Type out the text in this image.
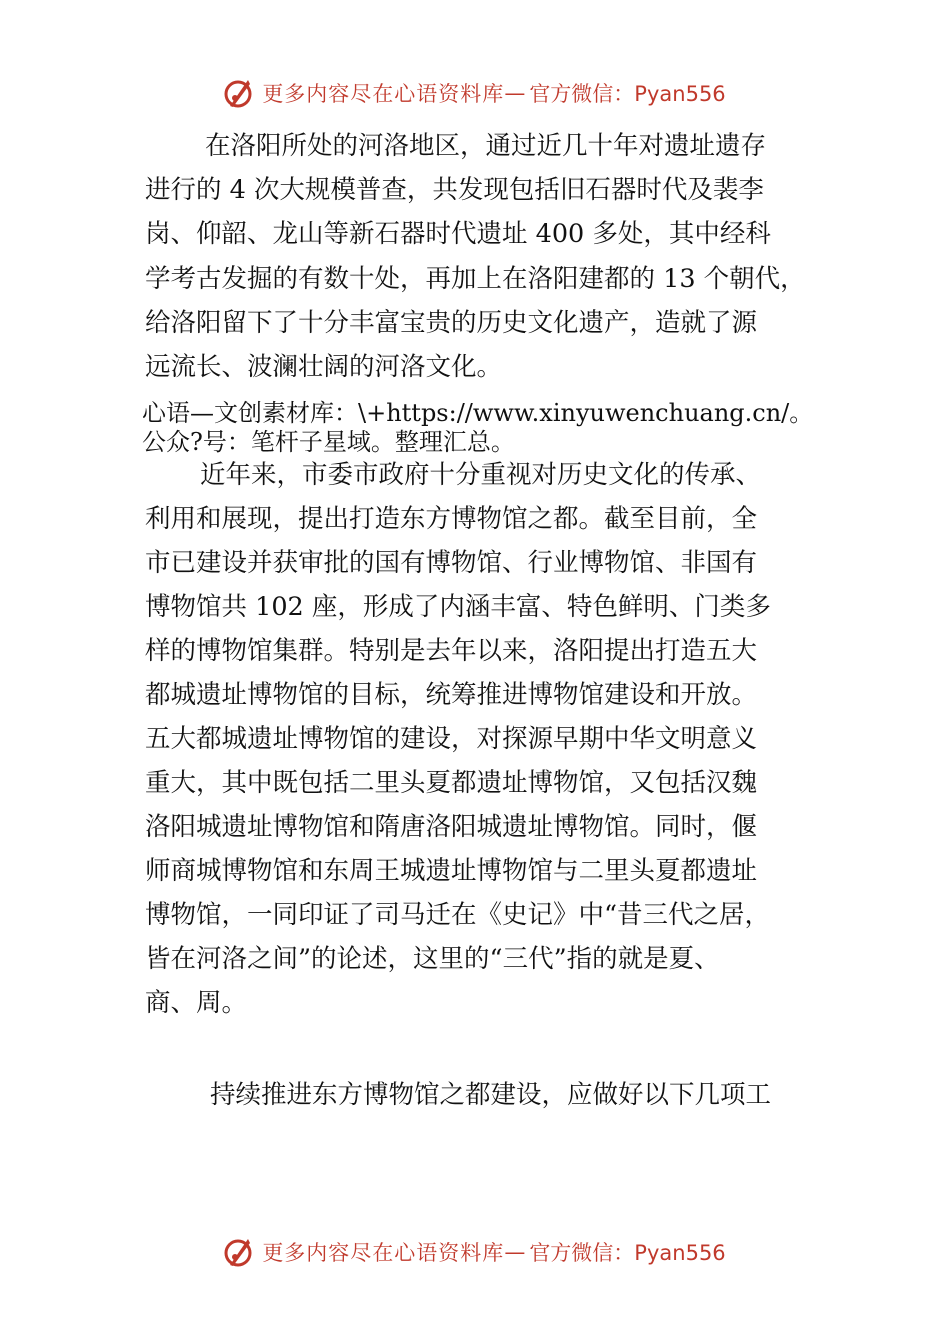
更多内容尽在心语资料库 — 官方微信：Pyan556
在洛阳所处的河洛地区，通过近几十年对遗址遗存
进行的 4 次大规模普查，共发现包括旧石器时代及裴李
岗、仰韶、龙山等新石器时代遗址 400 多处，其中经科
学考古发掘的有数十处，再加上在洛阳建都的 13 个朝代，
给洛阳留下了十分丰富宝贵的历史文化遗产，造就了源
远流长、波澜壮阔的河洛文化。
心语—文创素材库：\+https://www.xinyuwenchuang.cn/。
公众?号：笔杆子星域。整理汇总。
近年来，市委市政府十分重视对历史文化的传承、
利用和展现，提出打造东方博物馆之都。截至目前，全
市已建设并获审批的国有博物馆、行业博物馆、非国有
博物馆共 102 座，形成了内涵丰富、特色鲜明、门类多
样的博物馆集群。特别是去年以来，洛阳提出打造五大
都城遗址博物馆的目标，统筹推进博物馆建设和开放。
五大都城遗址博物馆的建设，对探源早期中华文明意义
重大，其中既包括二里头夏都遗址博物馆，又包括汉魏
洛阳城遗址博物馆和隋唐洛阳城遗址博物馆。同时，偃
师商城博物馆和东周王城遗址博物馆与二里头夏都遗址
博物馆，一同印证了司马迁在《史记》中“昔三代之居，
皆在河洛之间”的论述，这里的“三代”指的就是夏、
商、周。
持续推进东方博物馆之都建设，应做好以下几项工
更多内容尽在心语资料库 — 官方微信：Pyan556
